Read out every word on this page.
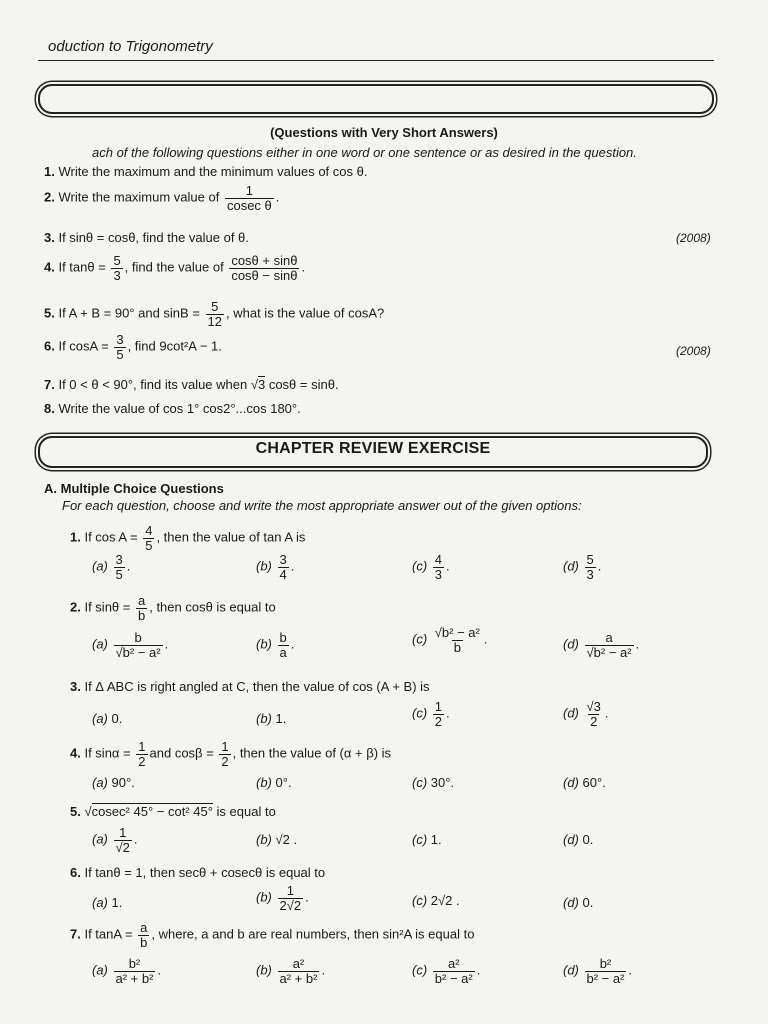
oduction to Trigonometry
(Questions with Very Short Answers)
ach of the following questions either in one word or one sentence or as desired in the question.
1. Write the maximum and the minimum values of cos θ.
2. Write the maximum value of $\frac{1}{\text{cosec θ}}$ .
3. If sinθ = cosθ, find the value of θ.	(2008)
4. If $\tan\theta = \frac{5}{3}$ , find the value of $\frac{\cos\theta + \sin\theta}{\cos\theta - \sin\theta}$ .
5. If A + B = 90° and $\sin B = \frac{5}{12}$ , what is the value of cosA?
6. If $\cos A = \frac{3}{5}$ , find 9cot²A − 1.	(2008)
7. If 0 < θ < 90°, find its value when √3 cosθ = sinθ.
8. Write the value of cos 1° cos2°...cos 180°.
CHAPTER REVIEW EXERCISE
A. Multiple Choice Questions
For each question, choose and write the most appropriate answer out of the given options:
1. If $\cos A = \frac{4}{5}$ , then the value of tan A is
$(a) \frac{3}{5}$ .	$(b) \frac{3}{4}$ .	$(c) \frac{4}{3}$ .	$(d) \frac{5}{3}$ .
2. If $\sin\theta = \frac{a}{b}$ , then cosθ is equal to
$(a) \frac{b}{\text{√b² − a²}}$ .	$(b) \frac{b}{a}$ .	$(c) \frac{\text{√b² − a²}}{b}$ .	$(d) \frac{a}{\text{√b² − a²}}$ .
3. If Δ ABC is right angled at C, then the value of cos (A + B) is
(a) 0.	(b) 1.	$(c) \frac{1}{2}$ .	$(d) \frac{√3}{2}$ .
4. If $\sin\alpha = \frac{1}{2}$ and $\cos\beta = \frac{1}{2}$ , then the value of (α + β) is
(a) 90°.	(b) 0°.	(c) 30°.	(d) 60°.
5. √cosec² 45° − cot² 45° is equal to
$(a) \frac{1}{√2}$ .	(b) √2 .	(c) 1.	(d) 0.
6. If tanθ = 1, then secθ + cosecθ is equal to
(a) 1.	$(b) \frac{1}{2√2}$ .	(c) 2√2 .	(d) 0.
7. If $\tan A = \frac{a}{b}$ , where, a and b are real numbers, then sin²A is equal to
$(a) \frac{\text{b²}}{\text{a² + b²}}$ .	$(b) \frac{\text{a²}}{\text{a² + b²}}$ .	$(c) \frac{\text{a²}}{\text{b² − a²}}$ .	$(d) \frac{\text{b²}}{\text{b² − a²}}$ .
